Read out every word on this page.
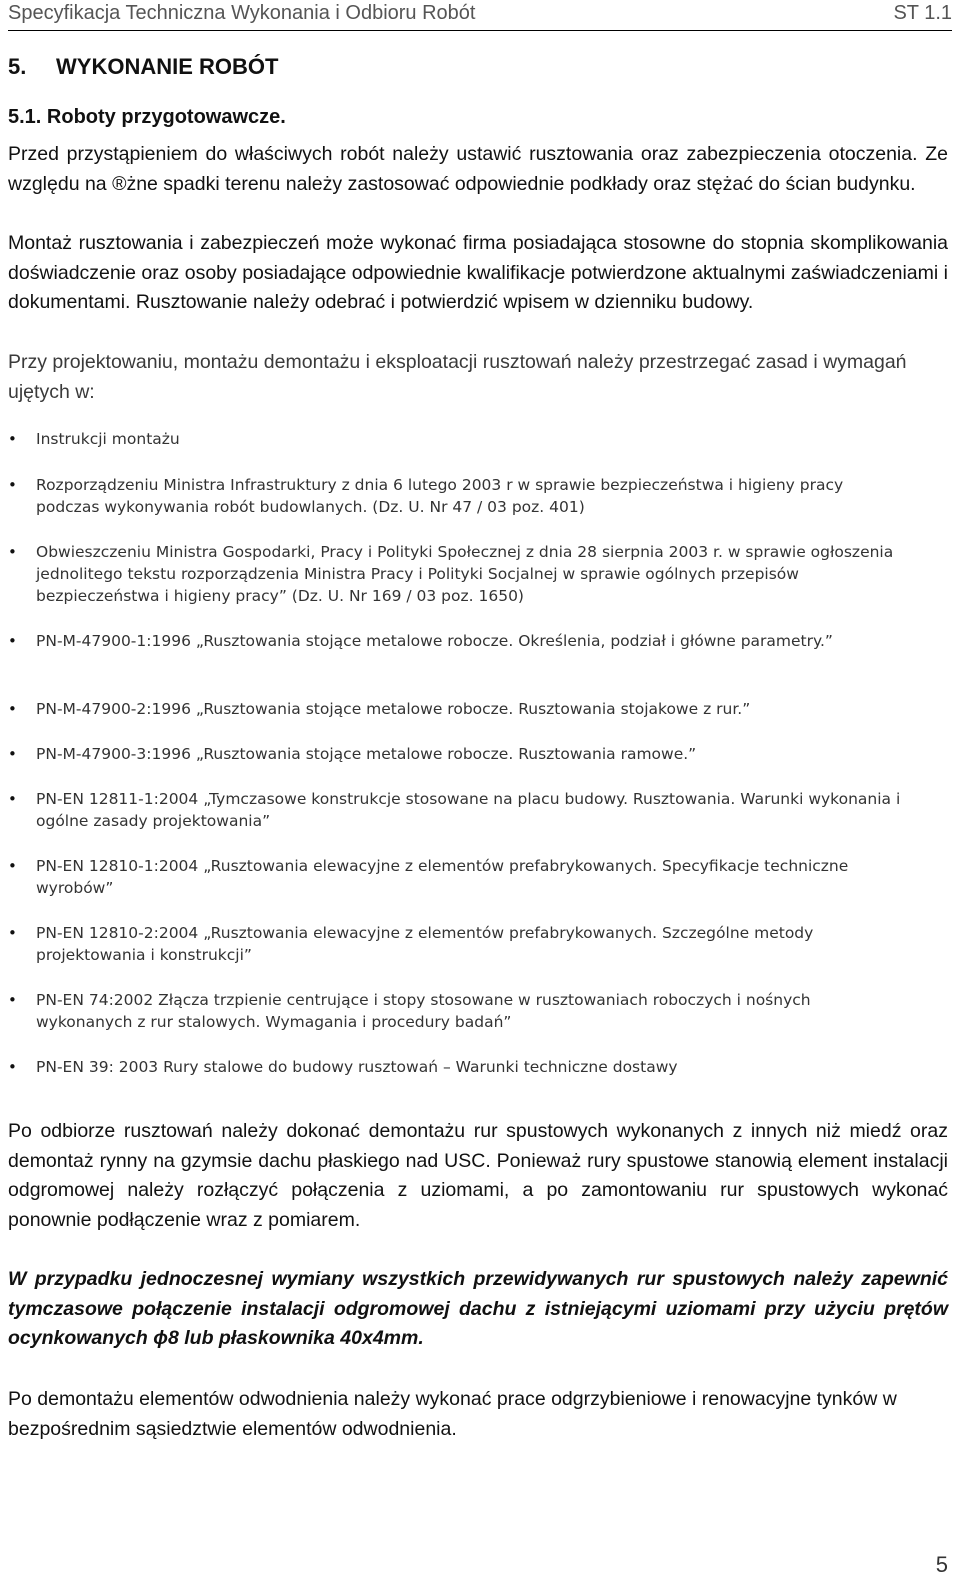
Specyfikacja Techniczna Wykonania i Odbioru Robót	ST 1.1
5. WYKONANIE ROBÓT
5.1. Roboty przygotowawcze.
Przed przystąpieniem do właściwych robót należy ustawić rusztowania oraz zabezpieczenia otoczenia. Ze względu na ®żne spadki terenu należy zastosować odpowiednie podkłady oraz stężać do ścian budynku.
Montaż rusztowania i zabezpieczeń może wykonać firma posiadająca stosowne do stopnia skomplikowania doświadczenie oraz osoby posiadające odpowiednie kwalifikacje potwierdzone aktualnymi zaświadczeniami i dokumentami. Rusztowanie należy odebrać i potwierdzić wpisem w dzienniku budowy.
Przy projektowaniu, montażu demontażu i eksploatacji rusztowań należy przestrzegać zasad i wymagań ujętych w:
• Instrukcji montażu
• Rozporządzeniu Ministra Infrastruktury z dnia 6 lutego 2003 r w sprawie bezpieczeństwa i higieny pracy podczas wykonywania robót budowlanych. (Dz. U. Nr 47 / 03 poz. 401)
• Obwieszczeniu Ministra Gospodarki, Pracy i Polityki Społecznej z dnia 28 sierpnia 2003 r. w sprawie ogłoszenia jednolitego tekstu rozporządzenia Ministra Pracy i Polityki Socjalnej w sprawie ogólnych przepisów bezpieczeństwa i higieny pracy” (Dz. U. Nr 169 / 03 poz. 1650)
• PN-M-47900-1:1996 „Rusztowania stojące metalowe robocze. Określenia, podział i główne parametry.”
• PN-M-47900-2:1996 „Rusztowania stojące metalowe robocze. Rusztowania stojakowe z rur.”
• PN-M-47900-3:1996 „Rusztowania stojące metalowe robocze. Rusztowania ramowe.”
• PN-EN 12811-1:2004 „Tymczasowe konstrukcje stosowane na placu budowy. Rusztowania. Warunki wykonania i ogólne zasady projektowania”
• PN-EN 12810-1:2004 „Rusztowania elewacyjne z elementów prefabrykowanych. Specyfikacje techniczne wyrobów”
• PN-EN 12810-2:2004 „Rusztowania elewacyjne z elementów prefabrykowanych. Szczególne metody projektowania i konstrukcji”
• PN-EN 74:2002 Złącza trzpienie centrujące i stopy stosowane w rusztowaniach roboczych i nośnych wykonanych z rur stalowych. Wymagania i procedury badań”
• PN-EN 39: 2003 Rury stalowe do budowy rusztowań – Warunki techniczne dostawy
Po odbiorze rusztowań należy dokonać demontażu rur spustowych wykonanych z innych niż miedź oraz demontaż rynny na gzymsie dachu płaskiego nad USC. Ponieważ rury spustowe stanowią element instalacji odgromowej należy rozłączyć połączenia z uziomami, a po zamontowaniu rur spustowych wykonać ponownie podłączenie wraz z pomiarem.
W przypadku jednoczesnej wymiany wszystkich przewidywanych rur spustowych należy zapewnić tymczasowe połączenie instalacji odgromowej dachu z istniejącymi uziomami przy użyciu prętów ocynkowanych ϕ8 lub płaskownika 40x4mm.
Po demontażu elementów odwodnienia należy wykonać prace odgrzybieniowe i renowacyjne tynków w bezpośrednim sąsiedztwie elementów odwodnienia.
5
